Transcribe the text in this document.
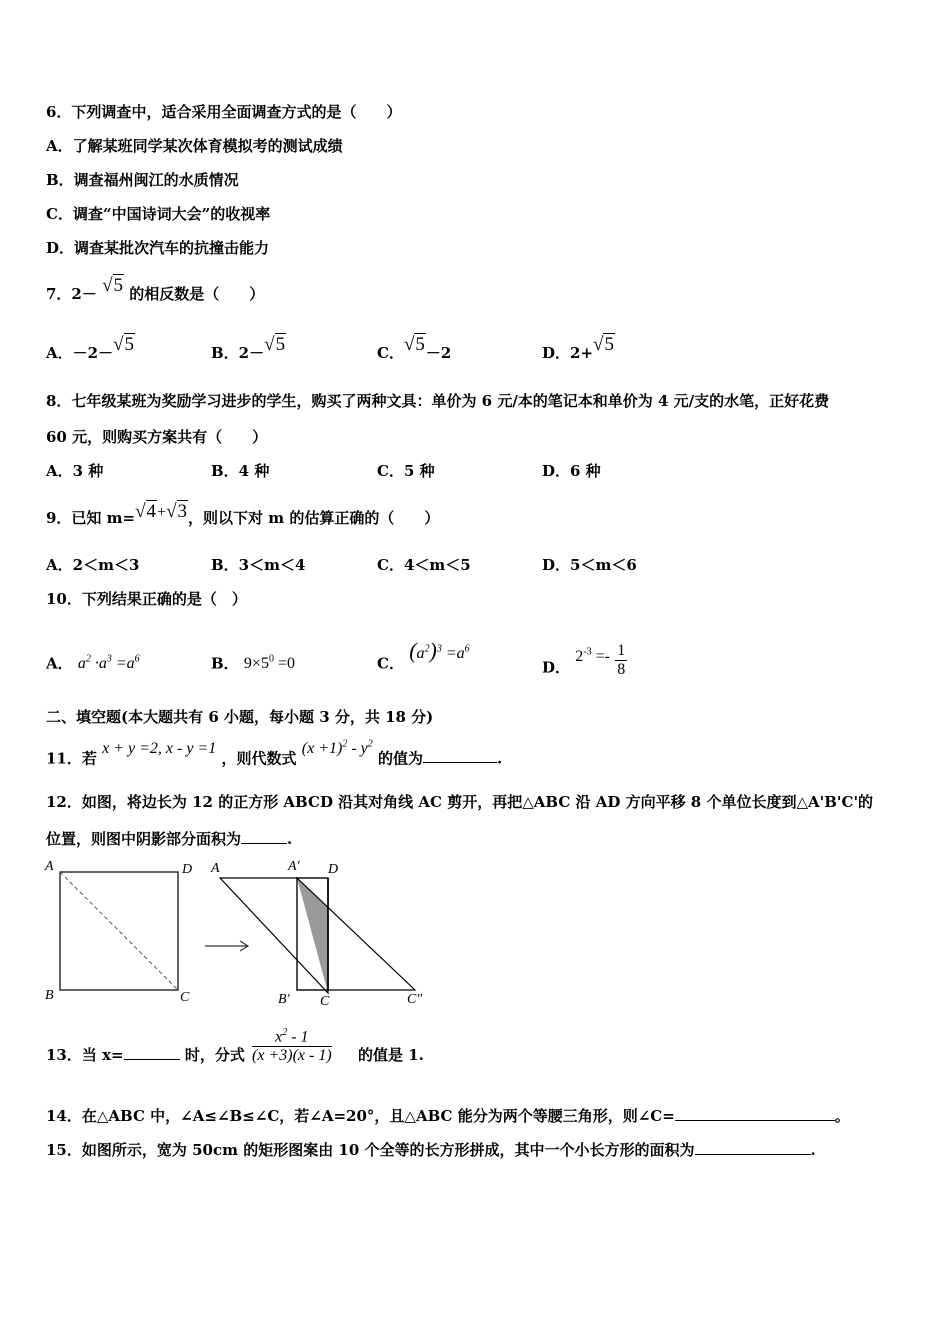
6．下列调查中，适合采用全面调查方式的是（　　）
A．了解某班同学某次体育模拟考的测试成绩
B．调查福州闽江的水质情况
C．调查“中国诗词大会”的收视率
D．调查某批次汽车的抗撞击能力
7．2－ √5 的相反数是（　　）
A．－2－√5	B．2－√5	C．√5－2	D．2+√5
8．七年级某班为奖励学习进步的学生，购买了两种文具：单价为 6 元/本的笔记本和单价为 4 元/支的水笔，正好花费
60 元，则购买方案共有（　　）
A．3 种	B．4 种	C．5 种	D．6 种
9．已知 m=√4+√3，则以下对 m 的估算正确的（　　）
A．2＜m＜3	B．3＜m＜4	C．4＜m＜5	D．5＜m＜6
10．下列结果正确的是（　）
A． $a^2 \cdot a^3 =a^6$	B． $9\times 5^0 =0$	C． $(a^2)^3 =a^6$
D． $2^{-3} =- \frac{1}{8}$
二、填空题(本大题共有 6 小题，每小题 3 分，共 18 分)
11．若 x + y =2, x - y =1 ，则代数式 $(x +1)^2 - y^2$ 的值为	.
12．如图，将边长为 12 的正方形 ABCD 沿其对角线 AC 剪开，再把△ABC 沿 AD 方向平移 8 个单位长度到△A'B'C'的
位置，则图中阴影部分面积为	.
A	D
B	C
A	A′ D
B′ C	C″
13．当 x=	时，分式 $\frac{x^2 - 1}{(x +3)(x - 1)}$ 的值是 1.
14．在△ABC 中，∠A≤∠B≤∠C，若∠A=20°，且△ABC 能分为两个等腰三角形，则∠C=	。
15．如图所示，宽为 50cm 的矩形图案由 10 个全等的长方形拼成，其中一个小长方形的面积为	.
